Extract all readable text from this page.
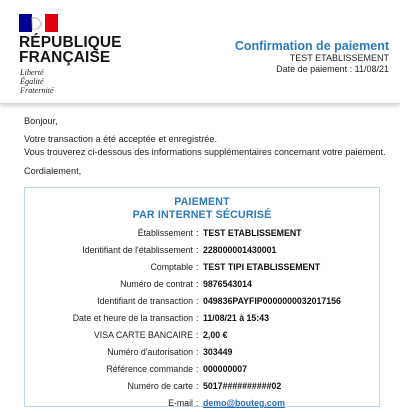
RÉPUBLIQUE
FRANÇAISE
Liberté
Égalité
Fraternité
Confirmation de paiement
TEST ETABLISSEMENT
Date de paiement : 11/08/21
Bonjour,
Votre transaction a été acceptée et enregistrée.
Vous trouverez ci-dessous des informations supplémentaires concernant votre paiement.
Cordialement,
PAIEMENT
PAR INTERNET SÉCURISÉ
Établissement : TEST ETABLISSEMENT
Identifiant de l'établissement : 228000001430001
Comptable : TEST TIPI ETABLISSEMENT
Numéro de contrat : 9876543014
Identifiant de transaction : 049836PAYFIP0000000032017156
Date et heure de la transaction : 11/08/21 à 15:43
VISA CARTE BANCAIRE : 2,00 €
Numéro d'autorisation : 303449
Référence commande : 000000007
Numéro de carte : 5017##########02
E-mail : demo@bouteg.com
